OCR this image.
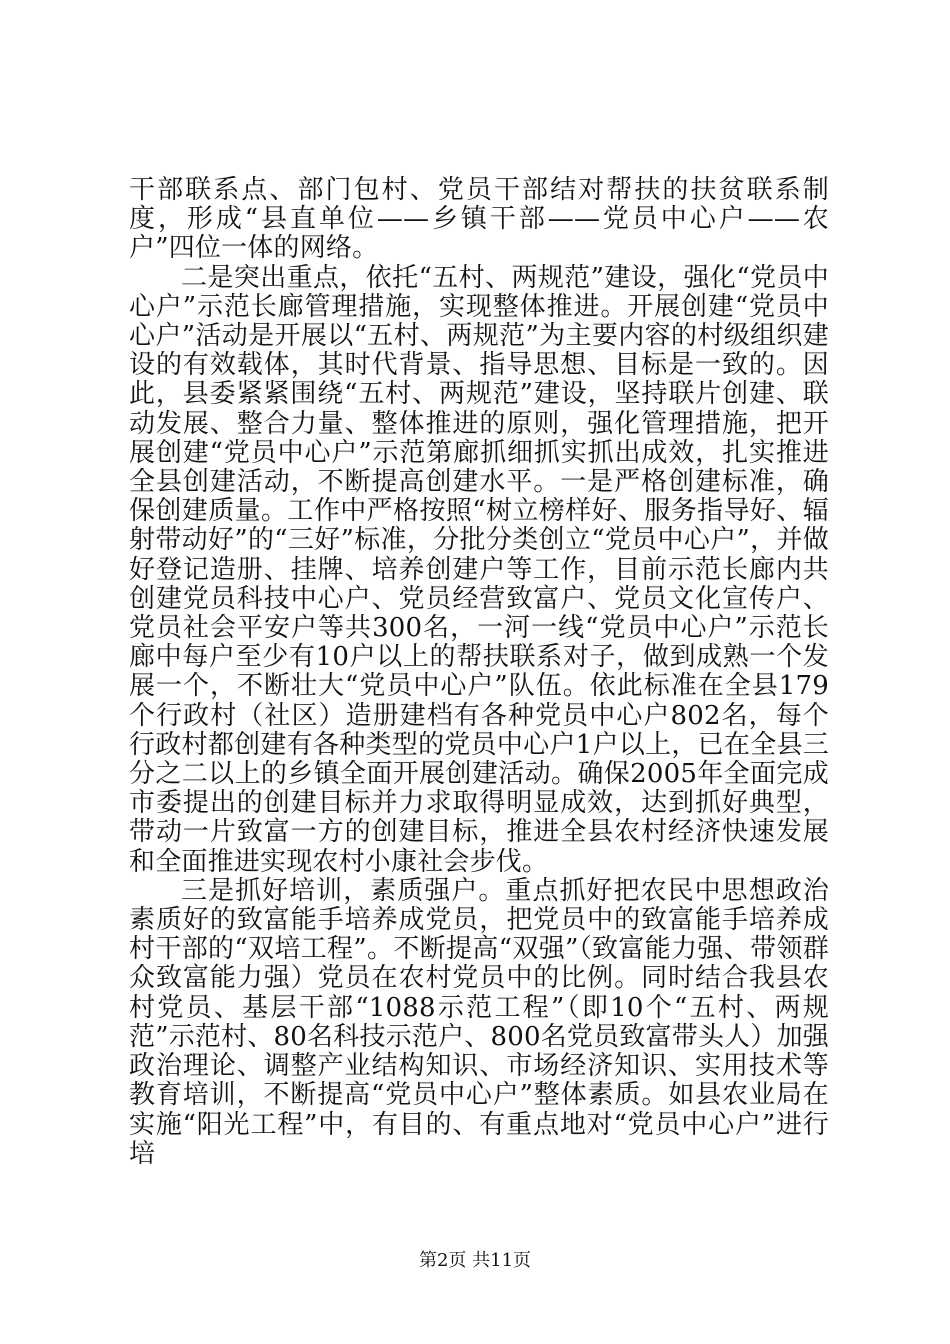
干部联系点、部门包村、党员干部结对帮扶的扶贫联系制度，形成“县直单位——乡镇干部——党员中心户——农户”四位一体的网络。

二是突出重点，依托“五村、两规范”建设，强化“党员中心户”示范长廊管理措施，实现整体推进。开展创建“党员中心户”活动是开展以“五村、两规范”为主要内容的村级组织建设的有效载体，其时代背景、指导思想、目标是一致的。因此，县委紧紧围绕“五村、两规范”建设，坚持联片创建、联动发展、整合力量、整体推进的原则，强化管理措施，把开展创建“党员中心户”示范第廊抓细抓实抓出成效，扎实推进全县创建活动，不断提高创建水平。一是严格创建标准，确保创建质量。工作中严格按照“树立榜样好、服务指导好、辐射带动好”的“三好”标准，分批分类创立“党员中心户”，并做好登记造册、挂牌、培养创建户等工作，目前示范长廊内共创建党员科技中心户、党员经营致富户、党员文化宣传户、党员社会平安户等共300名，一河一线“党员中心户”示范长廊中每户至少有10户以上的帮扶联系对子，做到成熟一个发展一个，不断壮大“党员中心户”队伍。依此标准在全县179个行政村（社区）造册建档有各种党员中心户802名，每个行政村都创建有各种类型的党员中心户1户以上，已在全县三分之二以上的乡镇全面开展创建活动。确保2005年全面完成市委提出的创建目标并力求取得明显成效，达到抓好典型，带动一片致富一方的创建目标，推进全县农村经济快速发展和全面推进实现农村小康社会步伐。

三是抓好培训，素质强户。重点抓好把农民中思想政治素质好的致富能手培养成党员，把党员中的致富能手培养成村干部的“双培工程”。不断提高“双强”（致富能力强、带领群众致富能力强）党员在农村党员中的比例。同时结合我县农村党员、基层干部“1088示范工程”（即10个“五村、两规范”示范村、80名科技示范户、800名党员致富带头人）加强政治理论、调整产业结构知识、市场经济知识、实用技术等教育培训，不断提高“党员中心户”整体素质。如县农业局在实施“阳光工程”中，有目的、有重点地对“党员中心户”进行培

第2页 共11页
